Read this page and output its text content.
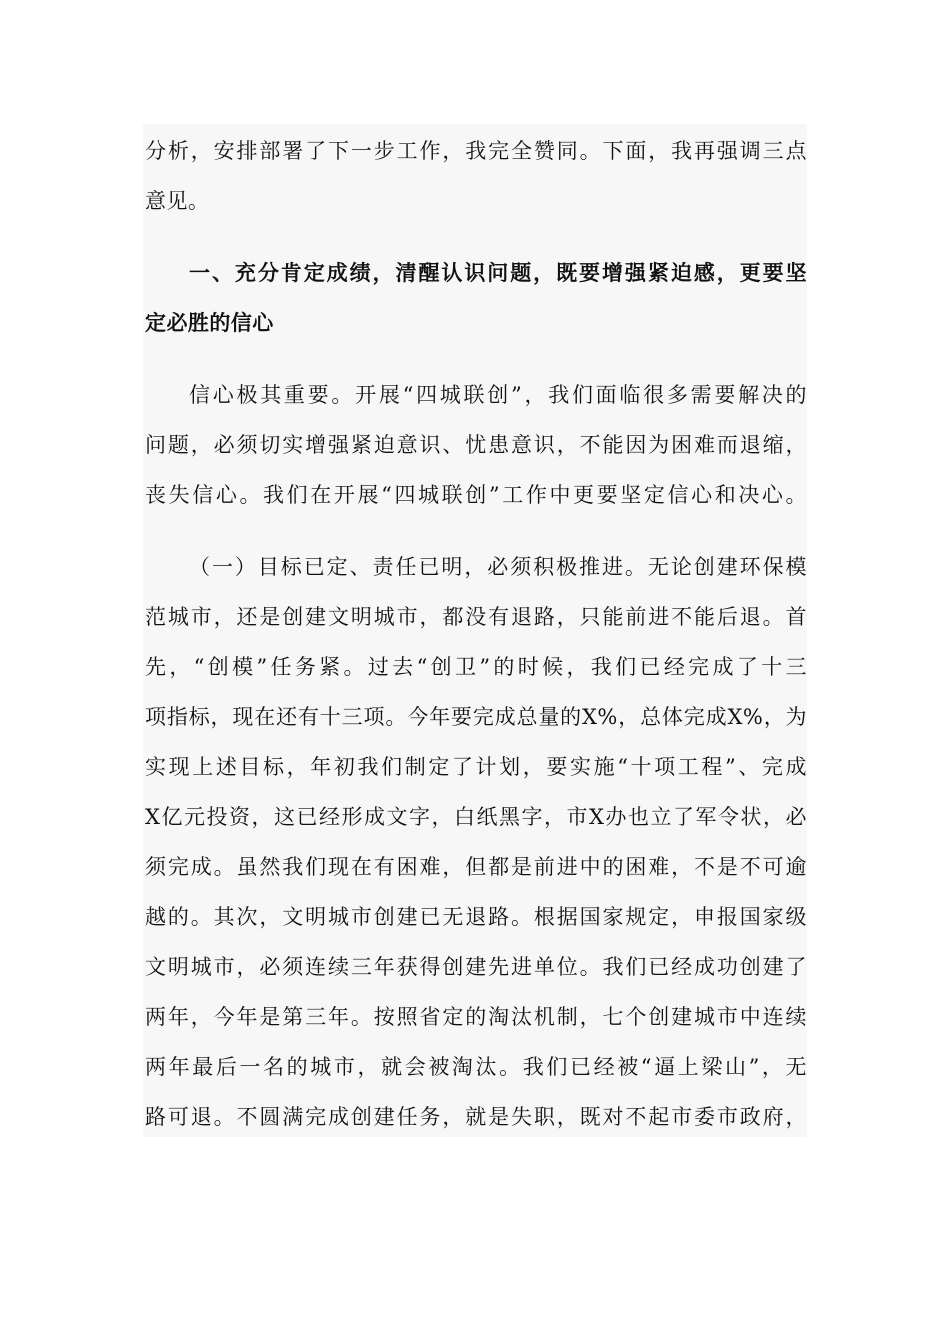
分析，安排部署了下一步工作，我完全赞同。下面，我再强调三点
意见。
一、充分肯定成绩，清醒认识问题，既要增强紧迫感，更要坚
定必胜的信心
信心极其重要。开展“四城联创”，我们面临很多需要解决的
问题，必须切实增强紧迫意识、忧患意识，不能因为困难而退缩，
丧失信心。我们在开展“四城联创”工作中更要坚定信心和决心。
（一）目标已定、责任已明，必须积极推进。无论创建环保模
范城市，还是创建文明城市，都没有退路，只能前进不能后退。首
先，“创模”任务紧。过去“创卫”的时候，我们已经完成了十三
项指标，现在还有十三项。今年要完成总量的X%，总体完成X%，为
实现上述目标，年初我们制定了计划，要实施“十项工程”、完成
X亿元投资，这已经形成文字，白纸黑字，市X办也立了军令状，必
须完成。虽然我们现在有困难，但都是前进中的困难，不是不可逾
越的。其次，文明城市创建已无退路。根据国家规定，申报国家级
文明城市，必须连续三年获得创建先进单位。我们已经成功创建了
两年，今年是第三年。按照省定的淘汰机制，七个创建城市中连续
两年最后一名的城市，就会被淘汰。我们已经被“逼上梁山”，无
路可退。不圆满完成创建任务，就是失职，既对不起市委市政府，
